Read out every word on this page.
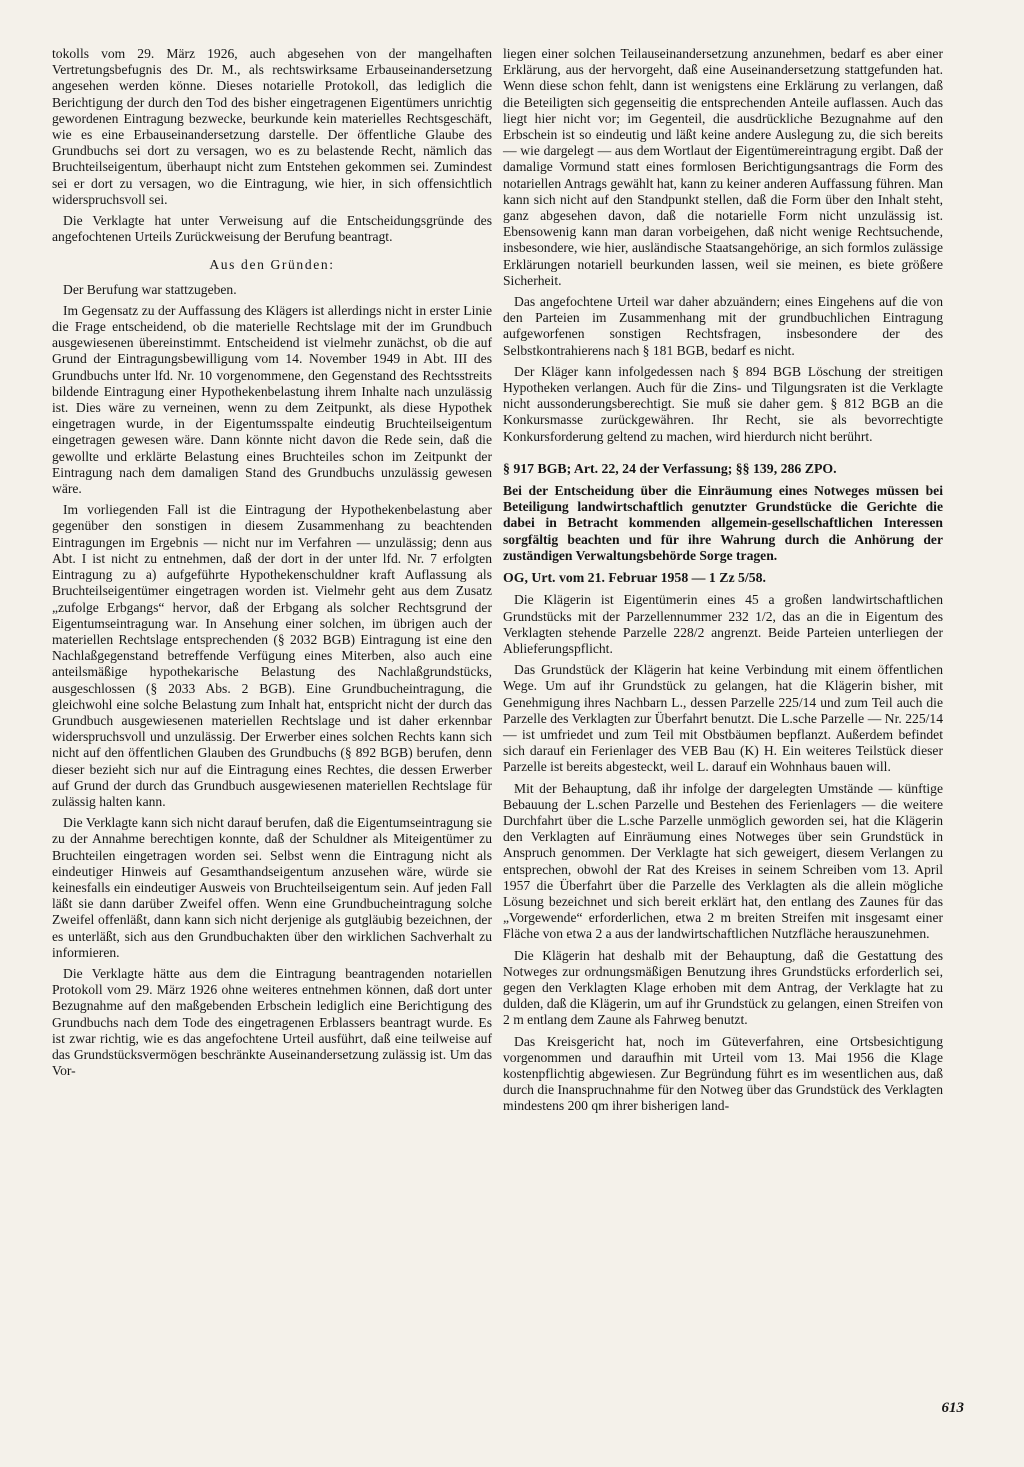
tokolls vom 29. März 1926, auch abgesehen von der mangelhaften Vertretungsbefugnis des Dr. M., als rechtswirksame Erbauseinandersetzung angesehen werden könne. Dieses notarielle Protokoll, das lediglich die Berichtigung der durch den Tod des bisher eingetragenen Eigentümers unrichtig gewordenen Eintragung bezwecke, beurkunde kein materielles Rechtsgeschäft, wie es eine Erbauseinandersetzung darstelle. Der öffentliche Glaube des Grundbuchs sei dort zu versagen, wo es zu belastende Recht, nämlich das Bruchteilseigentum, überhaupt nicht zum Entstehen gekommen sei. Zumindest sei er dort zu versagen, wo die Eintragung, wie hier, in sich offensichtlich widerspruchsvoll sei.

Die Verklagte hat unter Verweisung auf die Entscheidungsgründe des angefochtenen Urteils Zurückweisung der Berufung beantragt.

Aus den Gründen:

Der Berufung war stattzugeben.

Im Gegensatz zu der Auffassung des Klägers ist allerdings nicht in erster Linie die Frage entscheidend, ob die materielle Rechtslage mit der im Grundbuch ausgewiesenen übereinstimmt. Entscheidend ist vielmehr zunächst, ob die auf Grund der Eintragungsbewilligung vom 14. November 1949 in Abt. III des Grundbuchs unter lfd. Nr. 10 vorgenommene, den Gegenstand des Rechtsstreits bildende Eintragung einer Hypothekenbelastung ihrem Inhalte nach unzulässig ist. Dies wäre zu verneinen, wenn zu dem Zeitpunkt, als diese Hypothek eingetragen wurde, in der Eigentumsspalte eindeutig Bruchteilseigentum eingetragen gewesen wäre. Dann könnte nicht davon die Rede sein, daß die gewollte und erklärte Belastung eines Bruchteiles schon im Zeitpunkt der Eintragung nach dem damaligen Stand des Grundbuchs unzulässig gewesen wäre.

Im vorliegenden Fall ist die Eintragung der Hypothekenbelastung aber gegenüber den sonstigen in diesem Zusammenhang zu beachtenden Eintragungen im Ergebnis — nicht nur im Verfahren — unzulässig; denn aus Abt. I ist nicht zu entnehmen, daß der dort in der unter lfd. Nr. 7 erfolgten Eintragung zu a) aufgeführte Hypothekenschuldner kraft Auflassung als Bruchteilseigentümer eingetragen worden ist. Vielmehr geht aus dem Zusatz „zufolge Erbgangs“ hervor, daß der Erbgang als solcher Rechtsgrund der Eigentumseintragung war. In Ansehung einer solchen, im übrigen auch der materiellen Rechtslage entsprechenden (§ 2032 BGB) Eintragung ist eine den Nachlaßgegenstand betreffende Verfügung eines Miterben, also auch eine anteilsmäßige hypothekarische Belastung des Nachlaßgrundstücks, ausgeschlossen (§ 2033 Abs. 2 BGB). Eine Grundbucheintragung, die gleichwohl eine solche Belastung zum Inhalt hat, entspricht nicht der durch das Grundbuch ausgewiesenen materiellen Rechtslage und ist daher erkennbar widerspruchsvoll und unzulässig. Der Erwerber eines solchen Rechts kann sich nicht auf den öffentlichen Glauben des Grundbuchs (§ 892 BGB) berufen, denn dieser bezieht sich nur auf die Eintragung eines Rechtes, die dessen Erwerber auf Grund der durch das Grundbuch ausgewiesenen materiellen Rechtslage für zulässig halten kann.

Die Verklagte kann sich nicht darauf berufen, daß die Eigentumseintragung sie zu der Annahme berechtigen konnte, daß der Schuldner als Miteigentümer zu Bruchteilen eingetragen worden sei. Selbst wenn die Eintragung nicht als eindeutiger Hinweis auf Gesamthandseigentum anzusehen wäre, würde sie keinesfalls ein eindeutiger Ausweis von Bruchteilseigentum sein. Auf jeden Fall läßt sie dann darüber Zweifel offen. Wenn eine Grundbucheintragung solche Zweifel offenläßt, dann kann sich nicht derjenige als gutgläubig bezeichnen, der es unterläßt, sich aus den Grundbuchakten über den wirklichen Sachverhalt zu informieren.

Die Verklagte hätte aus dem die Eintragung beantragenden notariellen Protokoll vom 29. März 1926 ohne weiteres entnehmen können, daß dort unter Bezugnahme auf den maßgebenden Erbschein lediglich eine Berichtigung des Grundbuchs nach dem Tode des eingetragenen Erblassers beantragt wurde. Es ist zwar richtig, wie es das angefochtene Urteil ausführt, daß eine teilweise auf das Grundstücksvermögen beschränkte Auseinandersetzung zulässig ist. Um das Vor-

liegen einer solchen Teilauseinandersetzung anzunehmen, bedarf es aber einer Erklärung, aus der hervorgeht, daß eine Auseinandersetzung stattgefunden hat. Wenn diese schon fehlt, dann ist wenigstens eine Erklärung zu verlangen, daß die Beteiligten sich gegenseitig die entsprechenden Anteile auflassen. Auch das liegt hier nicht vor; im Gegenteil, die ausdrückliche Bezugnahme auf den Erbschein ist so eindeutig und läßt keine andere Auslegung zu, die sich bereits — wie dargelegt — aus dem Wortlaut der Eigentümereintragung ergibt. Daß der damalige Vormund statt eines formlosen Berichtigungsantrags die Form des notariellen Antrags gewählt hat, kann zu keiner anderen Auffassung führen. Man kann sich nicht auf den Standpunkt stellen, daß die Form über den Inhalt steht, ganz abgesehen davon, daß die notarielle Form nicht unzulässig ist. Ebensowenig kann man daran vorbeigehen, daß nicht wenige Rechtsuchende, insbesondere, wie hier, ausländische Staatsangehörige, an sich formlos zulässige Erklärungen notariell beurkunden lassen, weil sie meinen, es biete größere Sicherheit.

Das angefochtene Urteil war daher abzuändern; eines Eingehens auf die von den Parteien im Zusammenhang mit der grundbuchlichen Eintragung aufgeworfenen sonstigen Rechtsfragen, insbesondere der des Selbstkontrahierens nach § 181 BGB, bedarf es nicht.

Der Kläger kann infolgedessen nach § 894 BGB Löschung der streitigen Hypotheken verlangen. Auch für die Zins- und Tilgungsraten ist die Verklagte nicht aussonderungsberechtigt. Sie muß sie daher gem. § 812 BGB an die Konkursmasse zurückgewähren. Ihr Recht, sie als bevorrechtigte Konkursforderung geltend zu machen, wird hierdurch nicht berührt.

§ 917 BGB; Art. 22, 24 der Verfassung; §§ 139, 286 ZPO.
Bei der Entscheidung über die Einräumung eines Notweges müssen bei Beteiligung landwirtschaftlich genutzter Grundstücke die Gerichte die dabei in Betracht kommenden allgemein-gesellschaftlichen Interessen sorgfältig beachten und für ihre Wahrung durch die Anhörung der zuständigen Verwaltungsbehörde Sorge tragen.
OG, Urt. vom 21. Februar 1958 — 1 Zz 5/58.

Die Klägerin ist Eigentümerin eines 45 a großen landwirtschaftlichen Grundstücks mit der Parzellennummer 232 1/2, das an die in Eigentum des Verklagten stehende Parzelle 228/2 angrenzt. Beide Parteien unterliegen der Ablieferungspflicht.

Das Grundstück der Klägerin hat keine Verbindung mit einem öffentlichen Wege. Um auf ihr Grundstück zu gelangen, hat die Klägerin bisher, mit Genehmigung ihres Nachbarn L., dessen Parzelle 225/14 und zum Teil auch die Parzelle des Verklagten zur Überfahrt benutzt. Die L.sche Parzelle — Nr. 225/14 — ist umfriedet und zum Teil mit Obstbäumen bepflanzt. Außerdem befindet sich darauf ein Ferienlager des VEB Bau (K) H. Ein weiteres Teilstück dieser Parzelle ist bereits abgesteckt, weil L. darauf ein Wohnhaus bauen will.

Mit der Behauptung, daß ihr infolge der dargelegten Umstände — künftige Bebauung der L.schen Parzelle und Bestehen des Ferienlagers — die weitere Durchfahrt über die L.sche Parzelle unmöglich geworden sei, hat die Klägerin den Verklagten auf Einräumung eines Notweges über sein Grundstück in Anspruch genommen. Der Verklagte hat sich geweigert, diesem Verlangen zu entsprechen, obwohl der Rat des Kreises in seinem Schreiben vom 13. April 1957 die Überfahrt über die Parzelle des Verklagten als die allein mögliche Lösung bezeichnet und sich bereit erklärt hat, den entlang des Zaunes für das „Vorgewende“ erforderlichen, etwa 2 m breiten Streifen mit insgesamt einer Fläche von etwa 2 a aus der landwirtschaftlichen Nutzfläche herauszunehmen.

Die Klägerin hat deshalb mit der Behauptung, daß die Gestattung des Notweges zur ordnungsmäßigen Benutzung ihres Grundstücks erforderlich sei, gegen den Verklagten Klage erhoben mit dem Antrag, der Verklagte hat zu dulden, daß die Klägerin, um auf ihr Grundstück zu gelangen, einen Streifen von 2 m entlang dem Zaune als Fahrweg benutzt.

Das Kreisgericht hat, noch im Güteverfahren, eine Ortsbesichtigung vorgenommen und daraufhin mit Urteil vom 13. Mai 1956 die Klage kostenpflichtig abgewiesen. Zur Begründung führt es im wesentlichen aus, daß durch die Inanspruchnahme für den Notweg über das Grundstück des Verklagten mindestens 200 qm ihrer bisherigen land-

613
